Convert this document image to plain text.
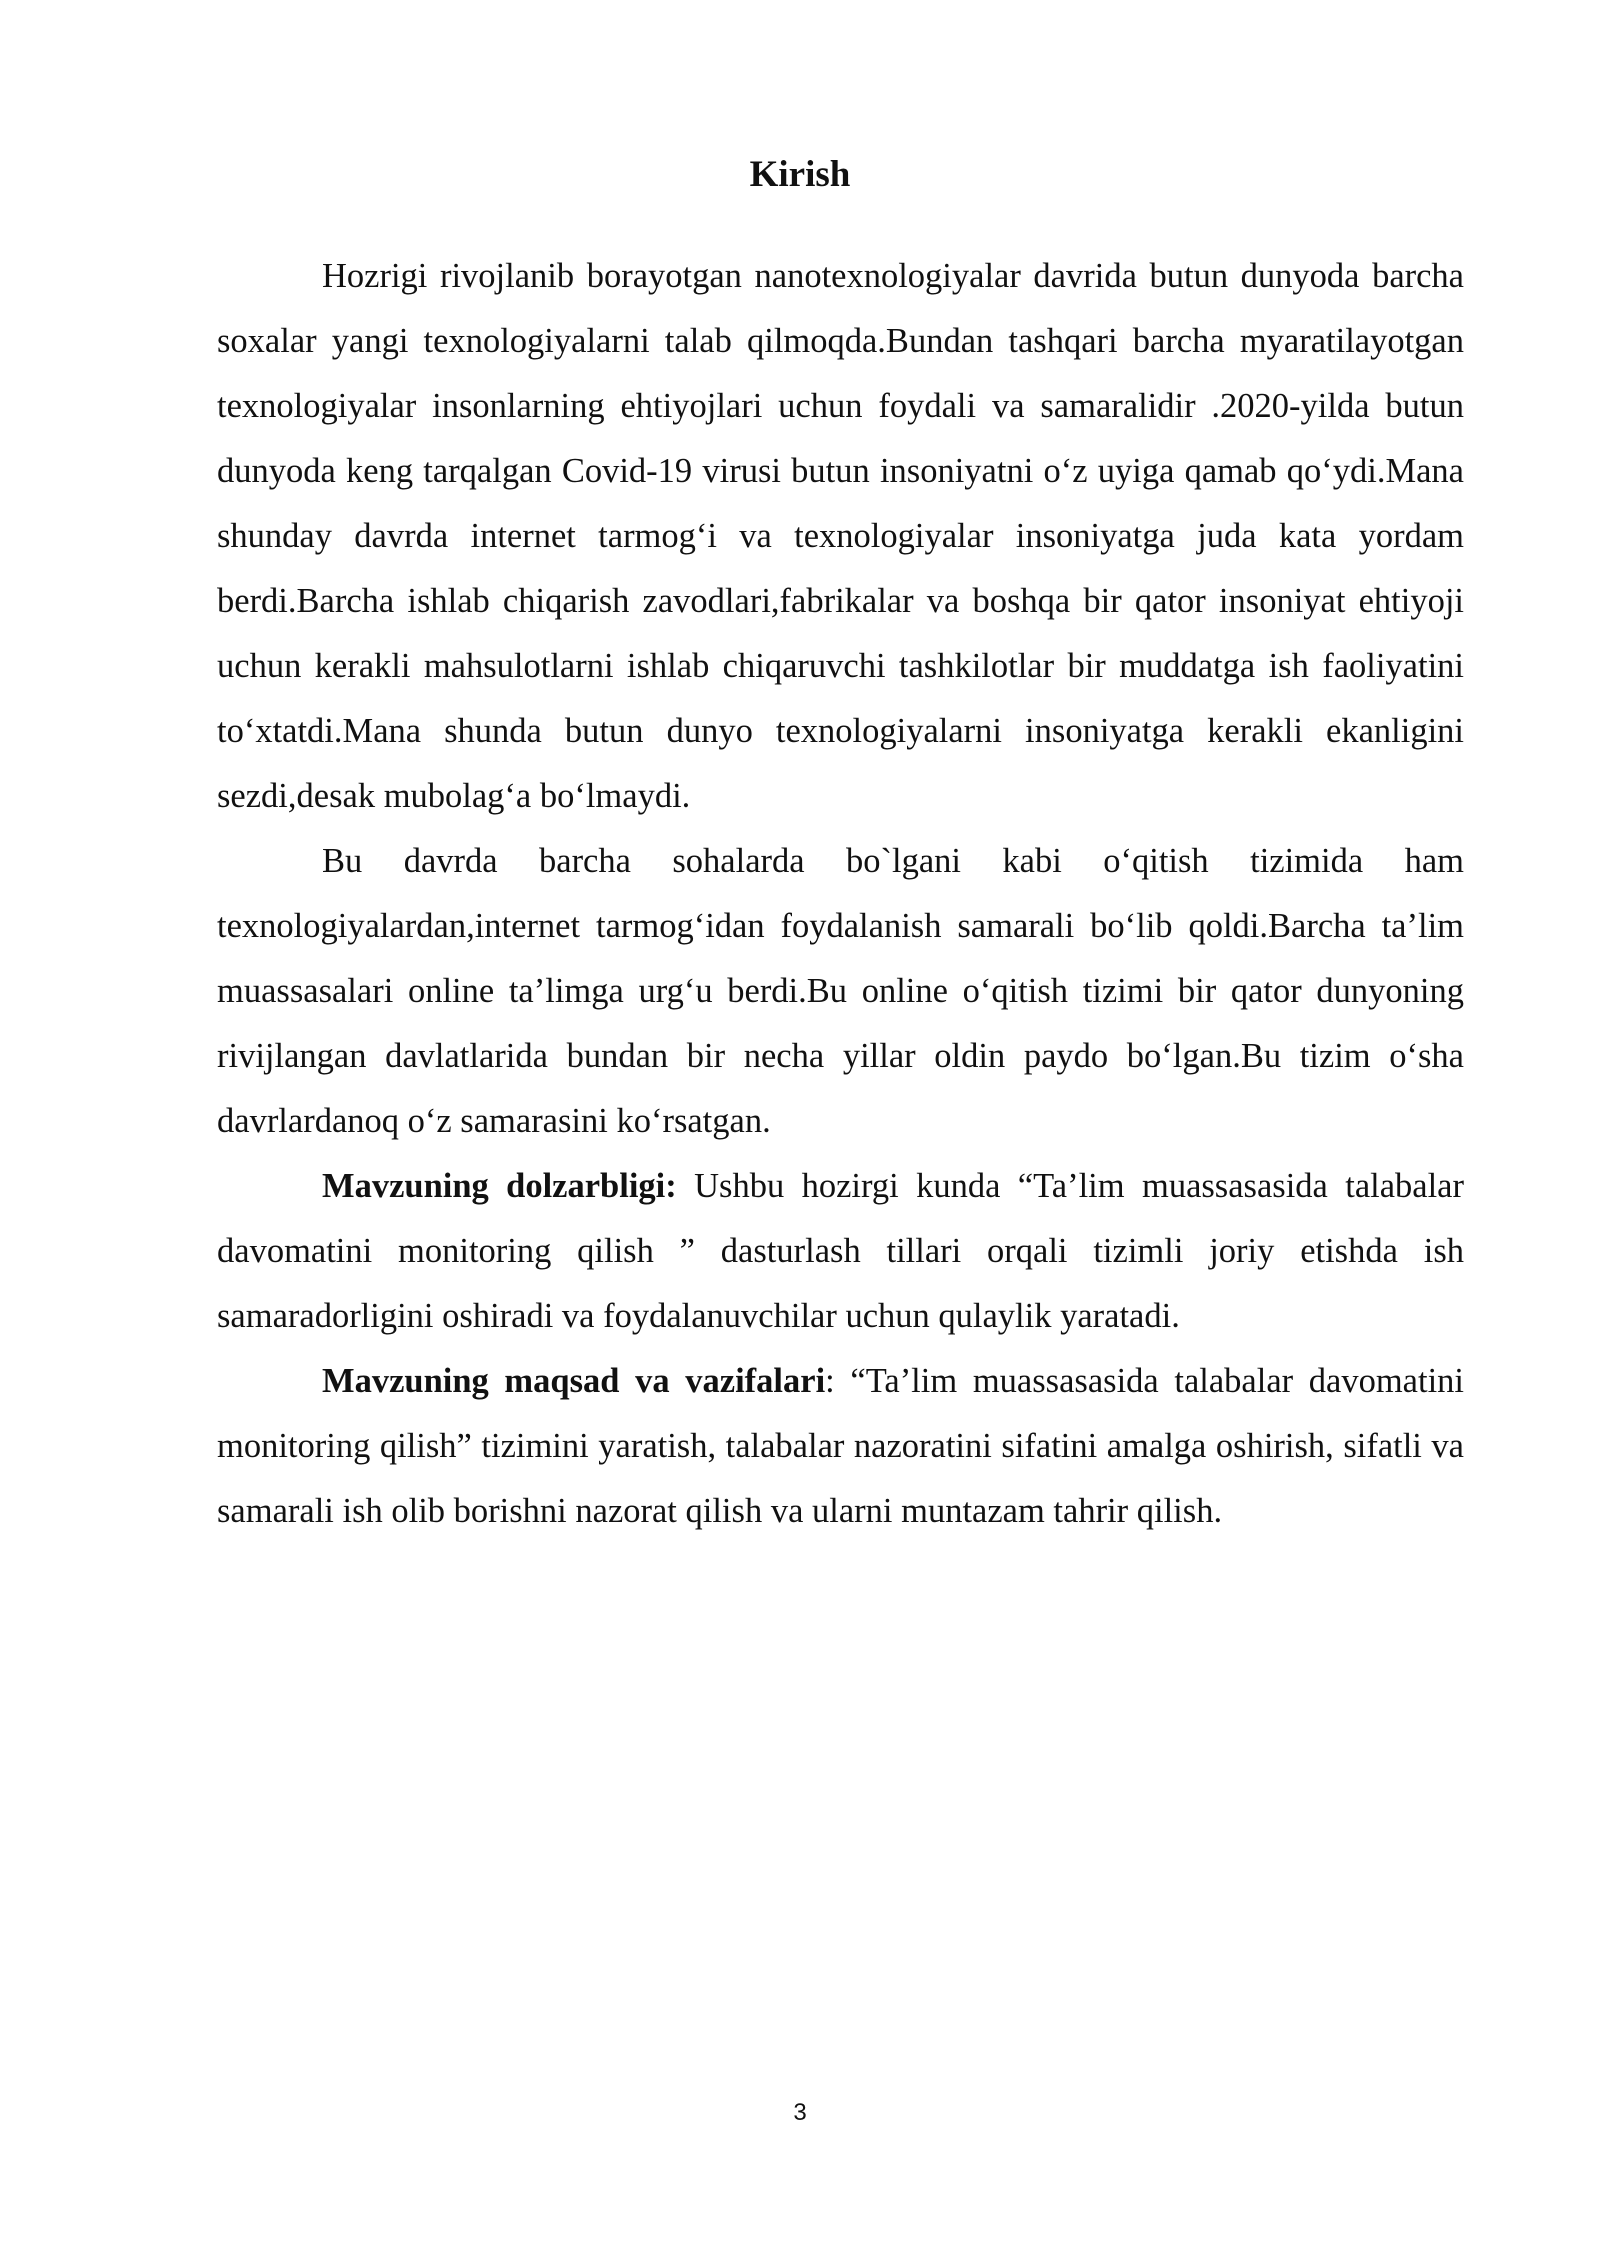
Kirish

Hozrigi rivojlanib borayotgan nanotexnologiyalar davrida butun dunyoda barcha soxalar yangi texnologiyalarni talab qilmoqda.Bundan tashqari barcha myaratilayotgan texnologiyalar insonlarning ehtiyojlari uchun foydali va samaralidir .2020-yilda butun dunyoda keng tarqalgan Covid-19 virusi butun insoniyatni o‘z uyiga qamab qo‘ydi.Mana shunday davrda internet tarmog‘i va texnologiyalar insoniyatga juda kata yordam berdi.Barcha ishlab chiqarish zavodlari,fabrikalar va boshqa bir qator insoniyat ehtiyoji uchun kerakli mahsulotlarni ishlab chiqaruvchi tashkilotlar bir muddatga ish faoliyatini to‘xtatdi.Mana shunda butun dunyo texnologiyalarni insoniyatga kerakli ekanligini sezdi,desak mubolag‘a bo‘lmaydi.

Bu davrda barcha sohalarda bo`lgani kabi o‘qitish tizimida ham texnologiyalardan,internet tarmog‘idan foydalanish samarali bo‘lib qoldi.Barcha ta’lim muassasalari online ta’limga urg‘u berdi.Bu online o‘qitish tizimi bir qator dunyoning rivijlangan davlatlarida bundan bir necha yillar oldin paydo bo‘lgan.Bu tizim o‘sha davrlardanoq o‘z samarasini ko‘rsatgan.

Mavzuning dolzarbligi: Ushbu hozirgi kunda “Ta’lim muassasasida talabalar davomatini monitoring qilish ” dasturlash tillari orqali tizimli joriy etishda ish samaradorligini oshiradi va foydalanuvchilar uchun qulaylik yaratadi.

Mavzuning maqsad va vazifalari: “Ta’lim muassasasida talabalar davomatini monitoring qilish” tizimini yaratish, talabalar nazoratini sifatini amalga oshirish, sifatli va samarali ish olib borishni nazorat qilish va ularni muntazam tahrir qilish.

3
